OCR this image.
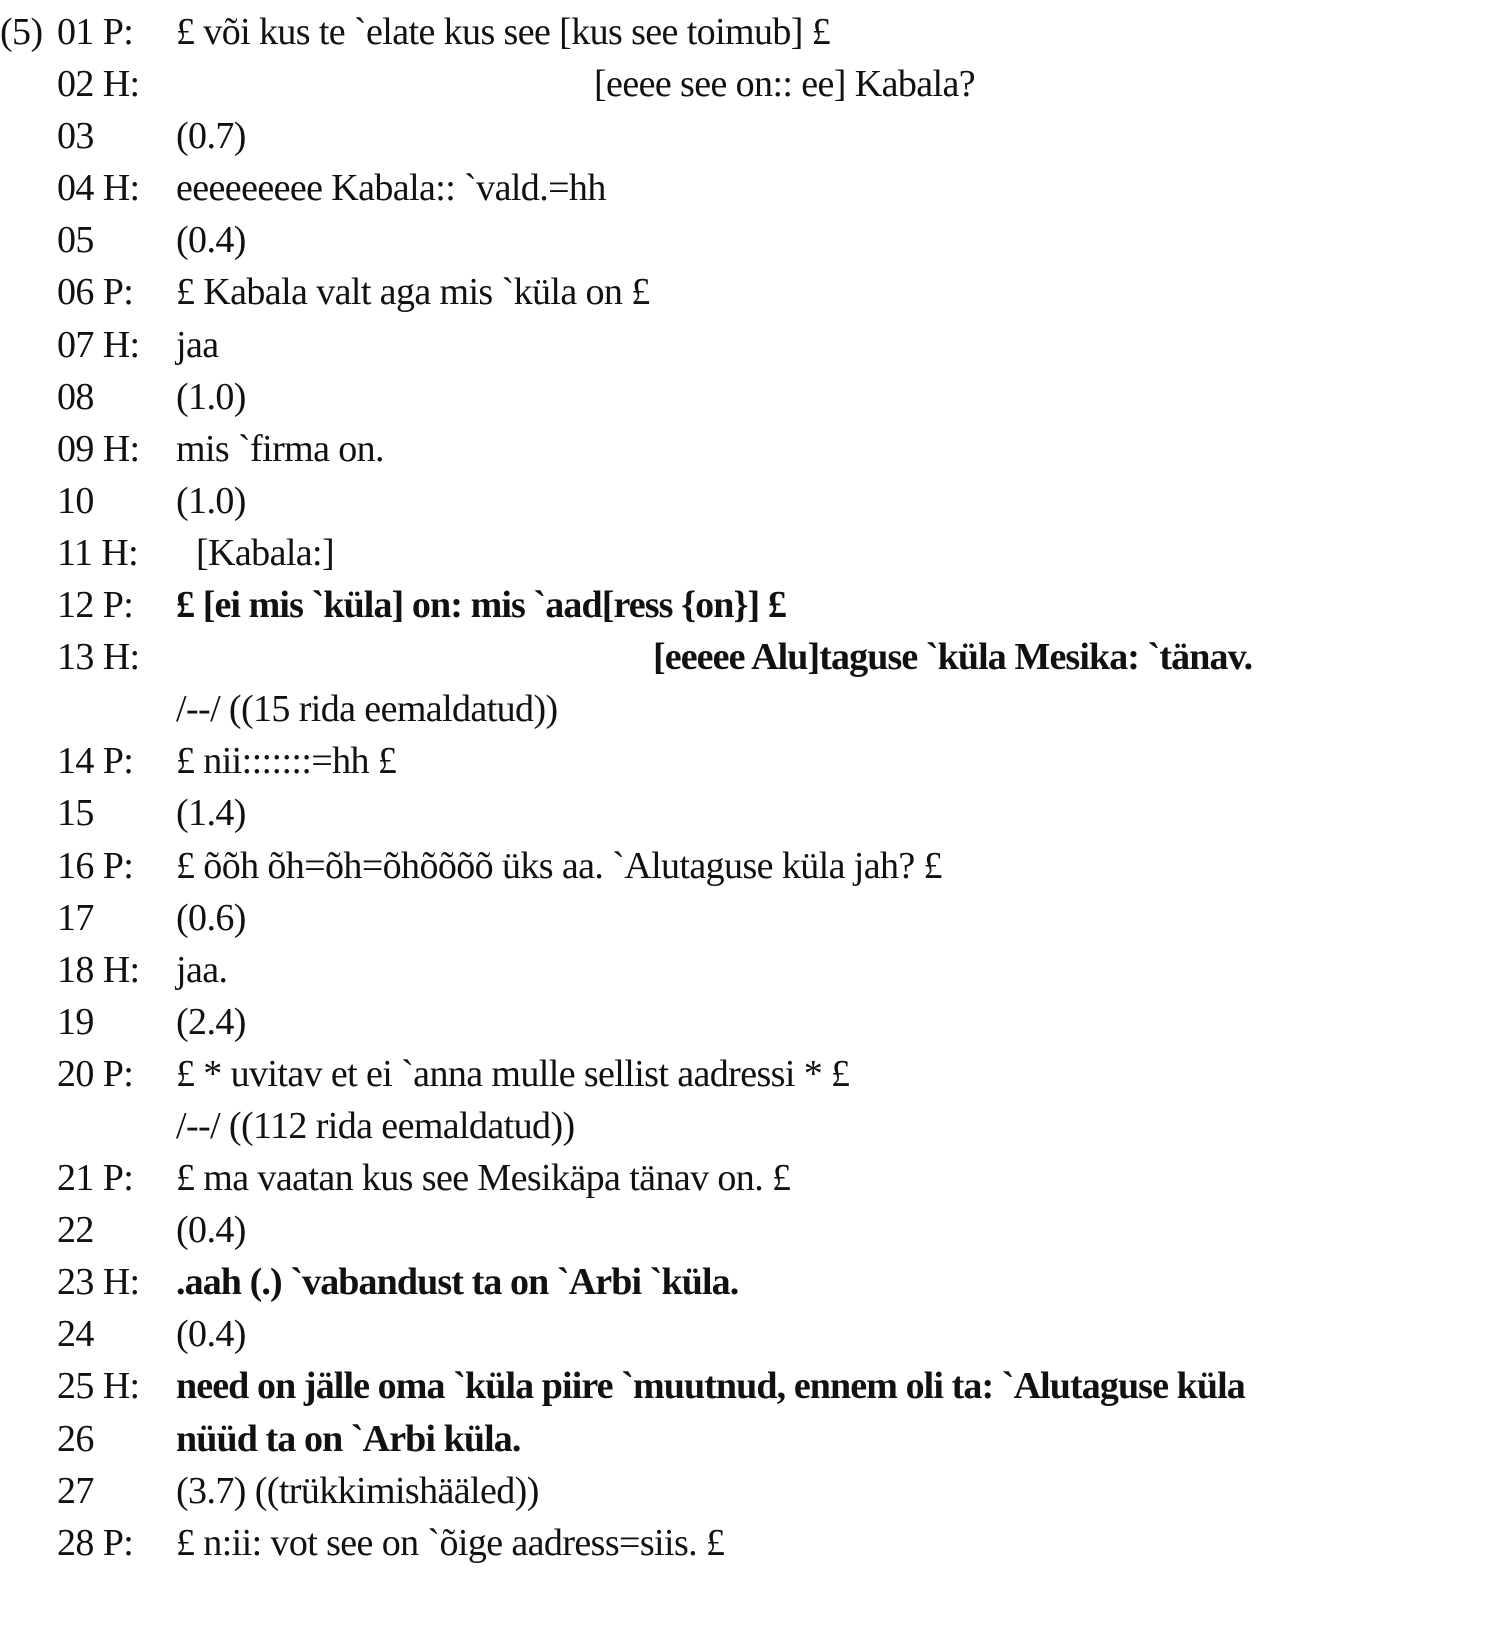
(5) 01 P: £ või kus te `elate kus see [kus see toimub] £
02 H:	[eeee see on:: ee] Kabala?
03 (0.7)
04 H: eeeeeeeee Kabala:: `vald.=hh
05 (0.4)
06 P: £ Kabala valt aga mis `küla on £
07 H: jaa
08 (1.0)
09 H: mis `firma on.
10 (1.0)
11 H: [Kabala:]
12 P: £ [ei mis `küla] on: mis `aad[ress {on}] £
13 H:	[eeeee Alu]taguse `küla Mesika: `tänav.
/--/ ((15 rida eemaldatud))
14 P: £ nii:::::::=hh £
15 (1.4)
16 P: £ õõh õh=õh=õhõõõõ üks aa. `Alutaguse küla jah? £
17 (0.6)
18 H: jaa.
19 (2.4)
20 P: £ * uvitav et ei `anna mulle sellist aadressi * £
/--/ ((112 rida eemaldatud))
21 P: £ ma vaatan kus see Mesikäpa tänav on. £
22 (0.4)
23 H: .aah (.) `vabandust ta on `Arbi `küla.
24 (0.4)
25 H: need on jälle oma `küla piire `muutnud, ennem oli ta: `Alutaguse küla
26 nüüd ta on `Arbi küla.
27 (3.7) ((trükkimishääled))
28 P: £ n:ii: vot see on `õige aadress=siis. £
